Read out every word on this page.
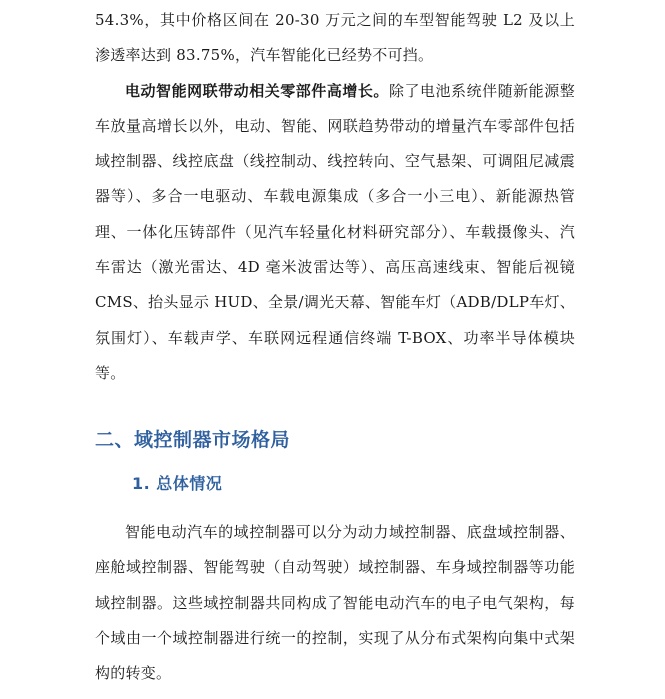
54.3%，其中价格区间在 20-30 万元之间的车型智能驾驶 L2 及以上渗透率达到 83.75%，汽车智能化已经势不可挡。

电动智能网联带动相关零部件高增长。除了电池系统伴随新能源整车放量高增长以外，电动、智能、网联趋势带动的增量汽车零部件包括域控制器、线控底盘（线控制动、线控转向、空气悬架、可调阻尼减震器等）、多合一电驱动、车载电源集成（多合一小三电）、新能源热管理、一体化压铸部件（见汽车轻量化材料研究部分）、车载摄像头、汽车雷达（激光雷达、4D 毫米波雷达等）、高压高速线束、智能后视镜 CMS、抬头显示 HUD、全景/调光天幕、智能车灯（ADB/DLP车灯、氛围灯）、车载声学、车联网远程通信终端 T-BOX、功率半导体模块等。

二、域控制器市场格局
1. 总体情况

智能电动汽车的域控制器可以分为动力域控制器、底盘域控制器、座舱域控制器、智能驾驶（自动驾驶）域控制器、车身域控制器等功能域控制器。这些域控制器共同构成了智能电动汽车的电子电气架构，每个域由一个域控制器进行统一的控制，实现了从分布式架构向集中式架构的转变。
